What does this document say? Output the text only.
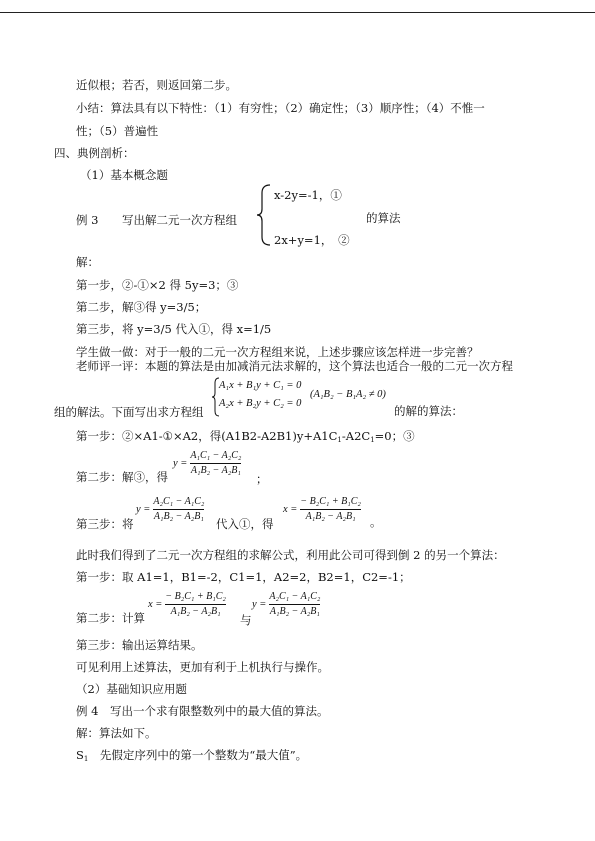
近似根；若否，则返回第二步。
小结：算法具有以下特性：（1）有穷性；（2）确定性；（3）顺序性；（4）不惟一
性；（5）普遍性
四、典例剖析：
（1）基本概念题
例 3 写出解二元一次方程组
x-2y=-1，①
2x+y=1，　②
的算法
解：
第一步，②-①×2 得 5y=3；③
第二步，解③得 y=3/5；
第三步，将 y=3/5 代入①，得 x=1/5
学生做一做：对于一般的二元一次方程组来说，上述步骤应该怎样进一步完善？
老师评一评：本题的算法是由加减消元法求解的，这个算法也适合一般的二元一次方程
组的解法。下面写出求方程组
A₁x + B₁y + C₁ = 0
A₂x + B₂y + C₂ = 0
(A₁B₂ − B₁A₂ ≠ 0)
的解的算法：
第一步：②×A1-①×A2，得$(A1B2-A2B1)y+A1C_1-A2C_1=0$；③
第二步：解③，得
$y = \frac{\text{A₁C₁ − A₂C₂}}{\text{A₁B₂ − A₂B₁}}$
；
第三步：将
$y = \frac{\text{A₂C₁ − A₁C₂}}{\text{A₁B₂ − A₂B₁}}$
代入①，得
$x = \frac{\text{− B₂C₁ + B₁C₂}}{\text{A₁B₂ − A₂B₁}}$ 。
此时我们得到了二元一次方程组的求解公式，利用此公司可得到倒 2 的另一个算法：
第一步：取 A1=1，B1=-2，C1=1，A2=2，B2=1，C2=-1；
第二步：计算
$x = \frac{\text{− B₂C₁ + B₁C₂}}{\text{A₁B₂ − A₂B₁}}$
与
$y = \frac{\text{A₂C₁ − A₁C₂}}{\text{A₁B₂ − A₂B₁}}$
第三步：输出运算结果。
可见利用上述算法，更加有利于上机执行与操作。
（2）基础知识应用题
例 4　写出一个求有限整数列中的最大值的算法。
解：算法如下。
$S_1$　 先假定序列中的第一个整数为“最大值”。
